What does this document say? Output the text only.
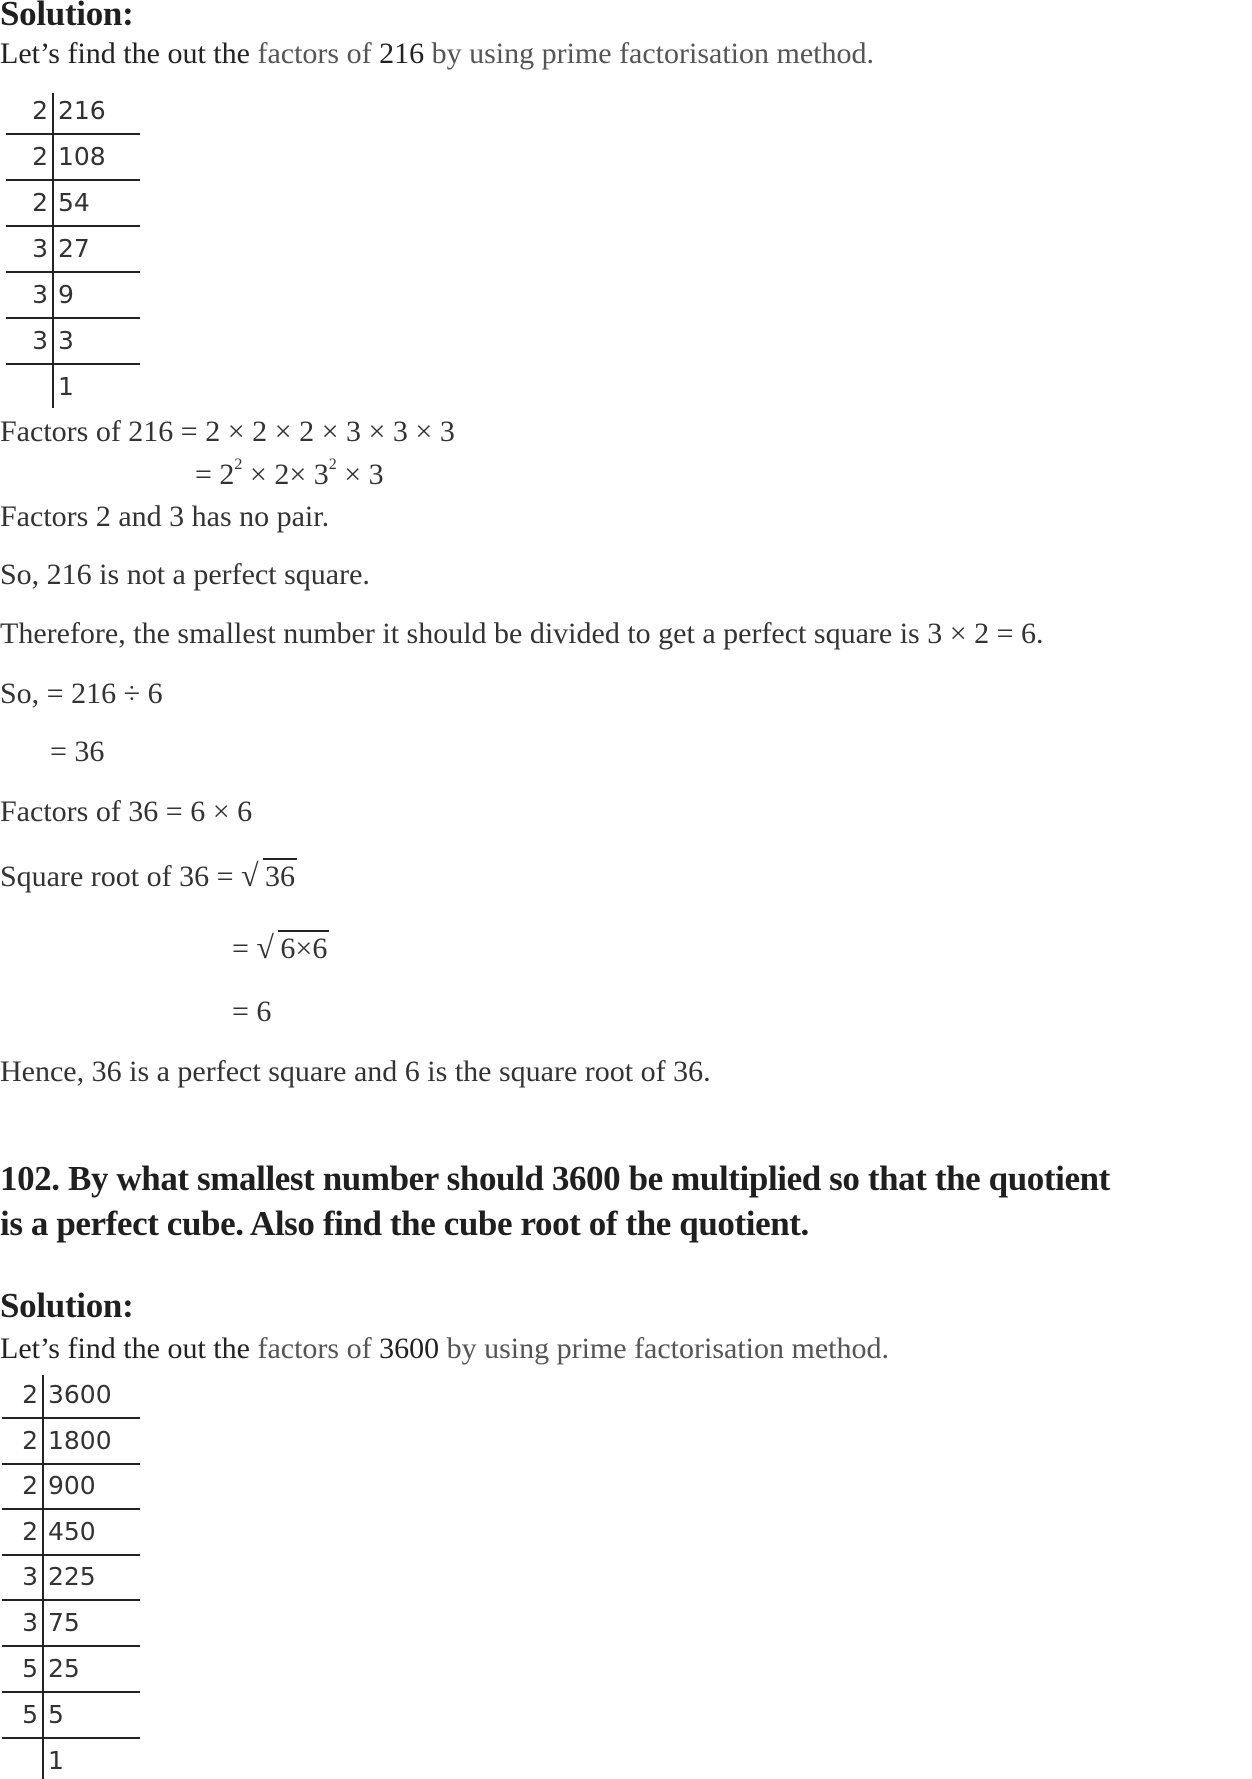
Solution:
Let’s find the out the factors of 216 by using prime factorisation method.
2 216
2 108
2 54
3 27
3 9
3 3
1
Factors of 216 = 2 × 2 × 2 × 3 × 3 × 3
= $2^2 \times 2\times 3^2 \times 3$
Factors 2 and 3 has no pair.
So, 216 is not a perfect square.
Therefore, the smallest number it should be divided to get a perfect square is 3 × 2 = 6.
So, = 216 ÷ 6
= 36
Factors of 36 = 6 × 6
Square root of 36 = √ 36
= √ 6×6
= 6
Hence, 36 is a perfect square and 6 is the square root of 36.
102. By what smallest number should 3600 be multiplied so that the quotient
is a perfect cube. Also find the cube root of the quotient.
Solution:
Let’s find the out the factors of 3600 by using prime factorisation method.
2 3600
2 1800
2 900
2 450
3 225
3 75
5 25
5 5
1
